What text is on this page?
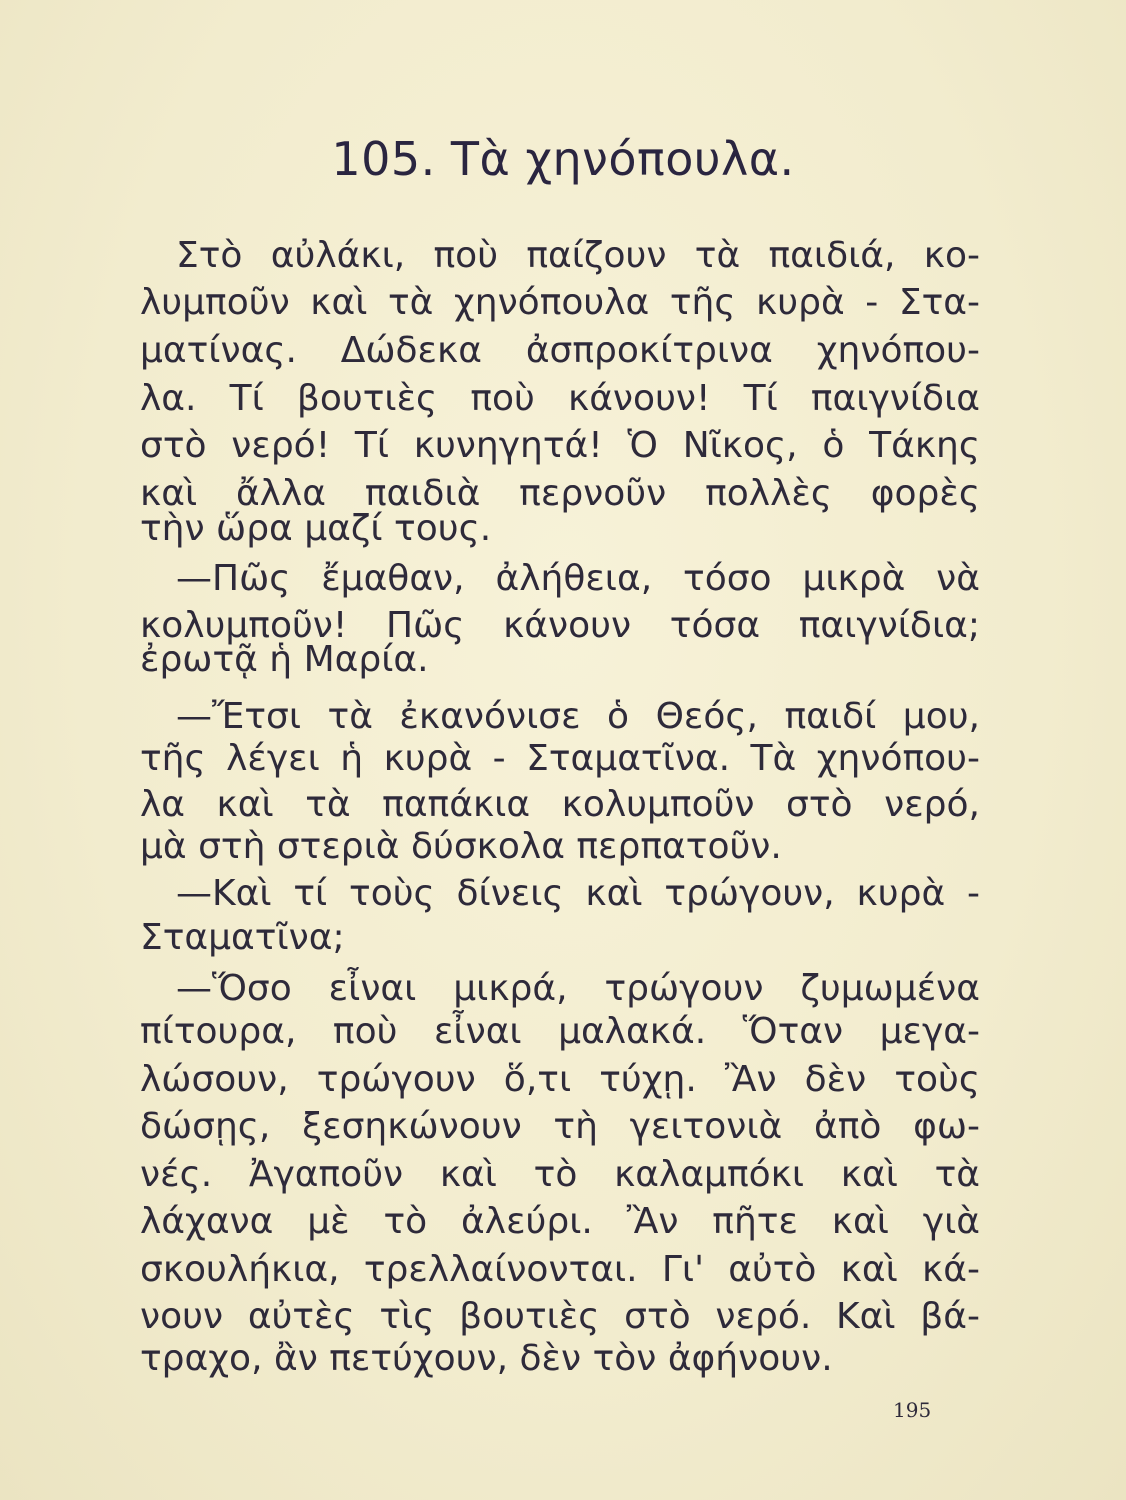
105. Τὰ χηνόπουλα.
Στὸ αὐλάκι, ποὺ παίζουν τὰ παιδιά, κο-
λυμποῦν καὶ τὰ χηνόπουλα τῆς κυρὰ - Στα-
ματίνας. Δώδεκα ἀσπροκίτρινα χηνόπου-
λα. Τί βουτιὲς ποὺ κάνουν! Τί παιγνίδια
στὸ νερό! Τί κυνηγητά! Ὁ Νῖκος, ὁ Τάκης
καὶ ἄλλα παιδιὰ περνοῦν πολλὲς φορὲς
τὴν ὥρα μαζί τους.
—Πῶς ἔμαθαν, ἀλήθεια, τόσο μικρὰ νὰ
κολυμποῦν! Πῶς κάνουν τόσα παιγνίδια;
ἐρωτᾷ ἡ Μαρία.
—Ἔτσι τὰ ἐκανόνισε ὁ Θεός, παιδί μου,
τῆς λέγει ἡ κυρὰ - Σταματῖνα. Τὰ χηνόπου-
λα καὶ τὰ παπάκια κολυμποῦν στὸ νερό,
μὰ στὴ στεριὰ δύσκολα περπατοῦν.
—Καὶ τί τοὺς δίνεις καὶ τρώγουν, κυρὰ -
Σταματῖνα;
—Ὅσο εἶναι μικρά, τρώγουν ζυμωμένα
πίτουρα, ποὺ εἶναι μαλακά. Ὅταν μεγα-
λώσουν, τρώγουν ὅ,τι τύχῃ. Ἂν δὲν τοὺς
δώσῃς, ξεσηκώνουν τὴ γειτονιὰ ἀπὸ φω-
νές. Ἀγαποῦν καὶ τὸ καλαμπόκι καὶ τὰ
λάχανα μὲ τὸ ἀλεύρι. Ἂν πῆτε καὶ γιὰ
σκουλήκια, τρελλαίνονται. Γι' αὐτὸ καὶ κά-
νουν αὐτὲς τὶς βουτιὲς στὸ νερό. Καὶ βά-
τραχο, ἂν πετύχουν, δὲν τὸν ἀφήνουν.
195
